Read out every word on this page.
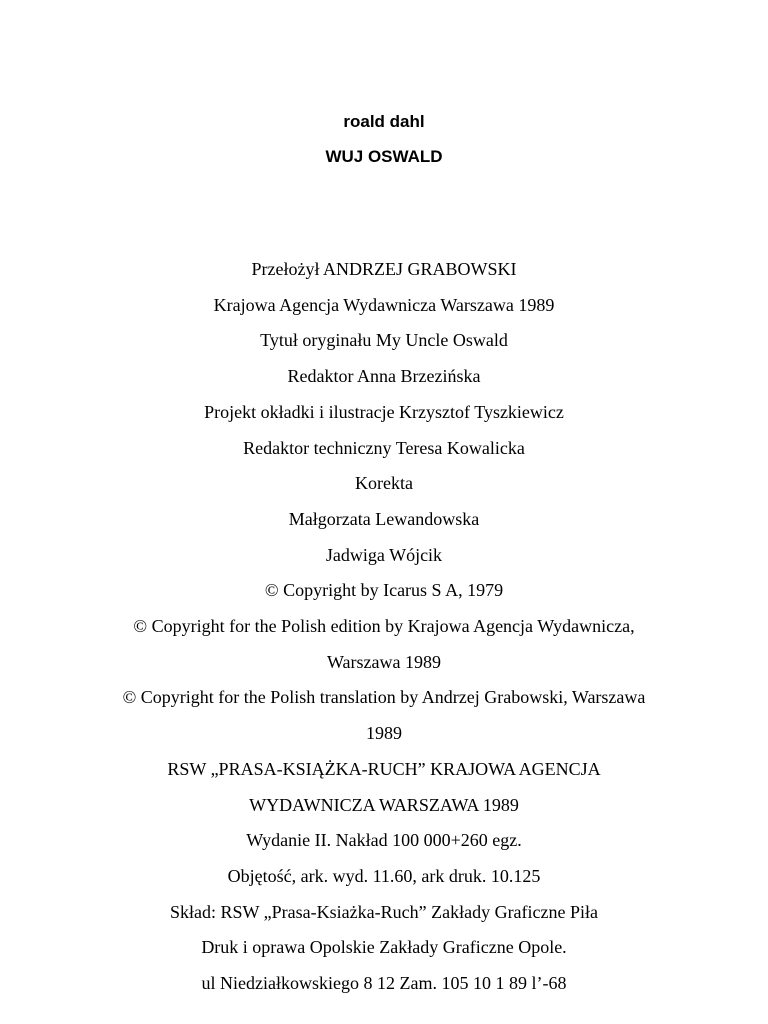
roald dahl
WUJ OSWALD
Przełożył ANDRZEJ GRABOWSKI
Krajowa Agencja Wydawnicza Warszawa 1989
Tytuł oryginału My Uncle Oswald
Redaktor Anna Brzezińska
Projekt okładki i ilustracje Krzysztof Tyszkiewicz
Redaktor techniczny Teresa Kowalicka
Korekta
Małgorzata Lewandowska
Jadwiga Wójcik
© Copyright by Icarus S A, 1979
© Copyright for the Polish edition by Krajowa Agencja Wydawnicza,
Warszawa 1989
© Copyright for the Polish translation by Andrzej Grabowski, Warszawa
1989
RSW „PRASA-KSIĄŻKA-RUCH” KRAJOWA AGENCJA
WYDAWNICZA WARSZAWA 1989
Wydanie II. Nakład 100 000+260 egz.
Objętość, ark. wyd. 11.60, ark druk. 10.125
Skład: RSW „Prasa-Ksiażka-Ruch” Zakłady Graficzne Piła
Druk i oprawa Opolskie Zakłady Graficzne Opole.
ul Niedziałkowskiego 8 12 Zam. 105 10 1 89 l’-68
